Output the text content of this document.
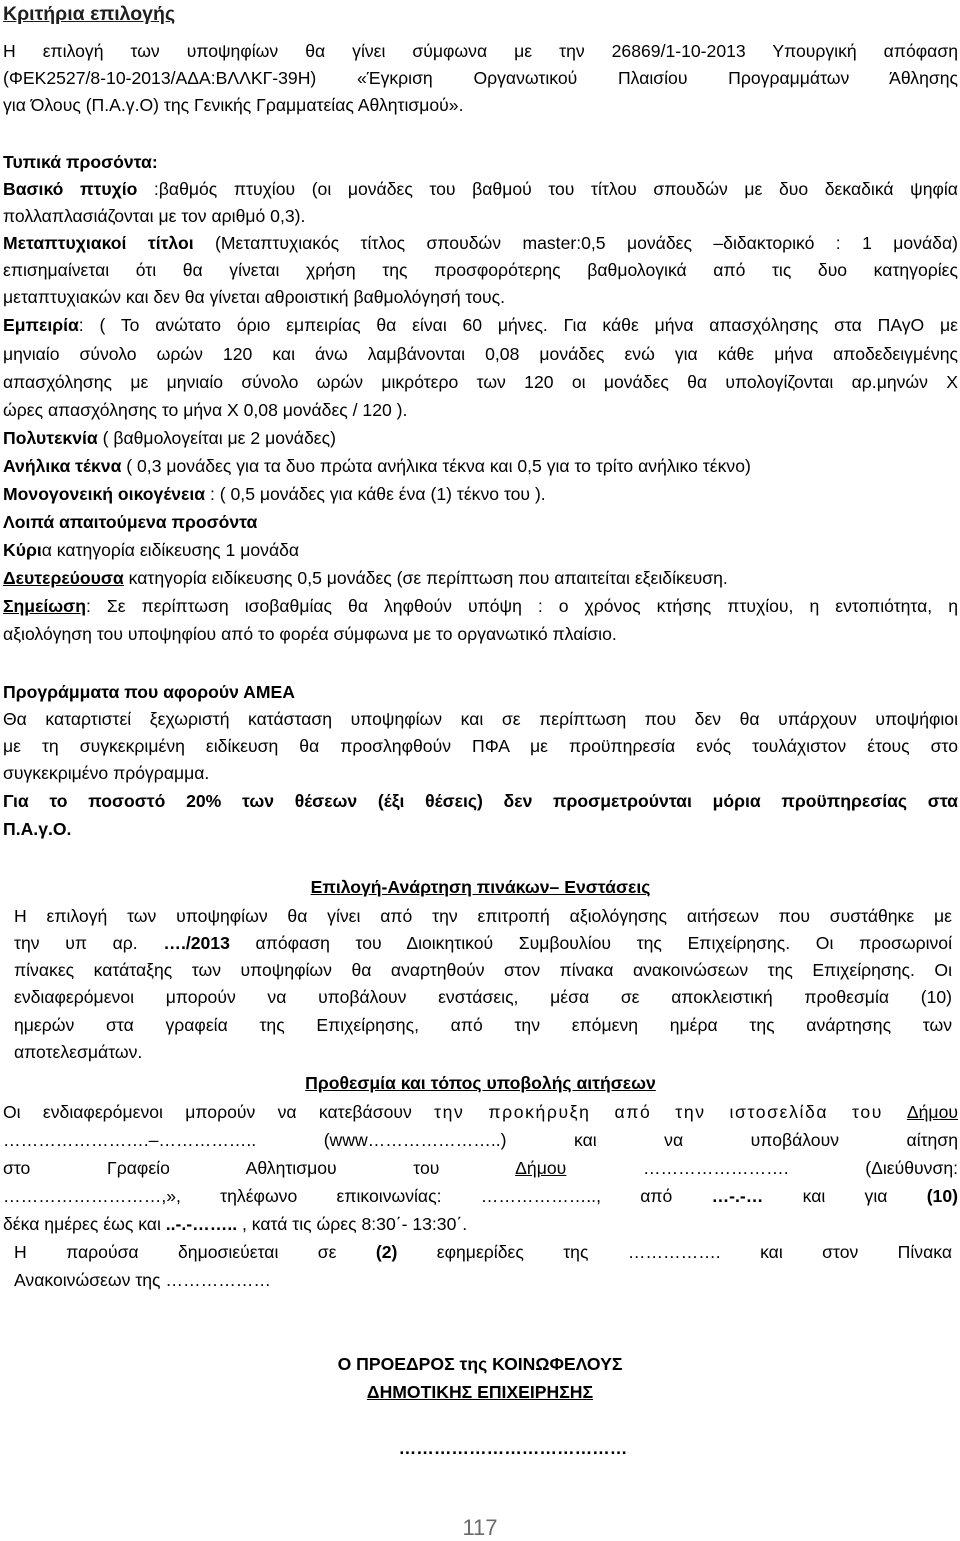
Κριτήρια επιλογής
Η επιλογή των υποψηφίων θα γίνει σύμφωνα με την 26869/1-10-2013 Υπουργική απόφαση
(ΦΕΚ2527/8-10-2013/ΑΔΑ:ΒΛΛΚΓ-39Η) «Έγκριση Οργανωτικού Πλαισίου Προγραμμάτων Άθλησης
για Όλους (Π.Α.γ.Ο) της Γενικής Γραμματείας Αθλητισμού».
Τυπικά προσόντα:
Βασικό πτυχίο :βαθμός πτυχίου (οι μονάδες του βαθμού του τίτλου σπουδών με δυο δεκαδικά ψηφία
πολλαπλασιάζονται με τον αριθμό 0,3).
Μεταπτυχιακοί τίτλοι (Μεταπτυχιακός τίτλος σπουδών master:0,5 μονάδες –διδακτορικό : 1 μονάδα)
επισημαίνεται ότι θα γίνεται χρήση της προσφορότερης βαθμολογικά από τις δυο κατηγορίες
μεταπτυχιακών και δεν θα γίνεται αθροιστική βαθμολόγησή τους.
Εμπειρία: ( Το ανώτατο όριο εμπειρίας θα είναι 60 μήνες. Για κάθε μήνα απασχόλησης στα ΠΑγΟ με
μηνιαίο σύνολο ωρών 120 και άνω λαμβάνονται 0,08 μονάδες ενώ για κάθε μήνα αποδεδειγμένης
απασχόλησης με μηνιαίο σύνολο ωρών μικρότερο των 120 οι μονάδες θα υπολογίζονται αρ.μηνών Χ
ώρες απασχόλησης το μήνα Χ 0,08 μονάδες / 120 ).
Πολυτεκνία ( βαθμολογείται με 2 μονάδες)
Ανήλικα τέκνα ( 0,3 μονάδες για τα δυο πρώτα ανήλικα τέκνα και 0,5 για το τρίτο ανήλικο τέκνο)
Μονογονεική οικογένεια : ( 0,5 μονάδες για κάθε ένα (1) τέκνο του ).
Λοιπά απαιτούμενα προσόντα
Κύρια κατηγορία ειδίκευσης 1 μονάδα
Δευτερεύουσα κατηγορία ειδίκευσης 0,5 μονάδες (σε περίπτωση που απαιτείται εξειδίκευση.
Σημείωση: Σε περίπτωση ισοβαθμίας θα ληφθούν υπόψη : ο χρόνος κτήσης πτυχίου, η εντοπιότητα, η
αξιολόγηση του υποψηφίου από το φορέα σύμφωνα με το οργανωτικό πλαίσιο.
Προγράμματα που αφορούν ΑΜΕΑ
Θα καταρτιστεί ξεχωριστή κατάσταση υποψηφίων και σε περίπτωση που δεν θα υπάρχουν υποψήφιοι
με τη συγκεκριμένη ειδίκευση θα προσληφθούν ΠΦΑ με προϋπηρεσία ενός τουλάχιστον έτους στο
συγκεκριμένο πρόγραμμα.
Για το ποσοστό 20% των θέσεων (έξι θέσεις) δεν προσμετρούνται μόρια προϋπηρεσίας στα
Π.Α.γ.Ο.
Επιλογή-Ανάρτηση πινάκων– Ενστάσεις
Η επιλογή των υποψηφίων θα γίνει από την επιτροπή αξιολόγησης αιτήσεων που συστάθηκε με
την υπ αρ. …./2013 απόφαση του Διοικητικού Συμβουλίου της Επιχείρησης. Οι προσωρινοί
πίνακες κατάταξης των υποψηφίων θα αναρτηθούν στον πίνακα ανακοινώσεων της Επιχείρησης. Οι
ενδιαφερόμενοι μπορούν να υποβάλουν ενστάσεις, μέσα σε αποκλειστική προθεσμία (10)
ημερών στα γραφεία της Επιχείρησης, από την επόμενη ημέρα της ανάρτησης των
αποτελεσμάτων.
Προθεσμία και τόπος υποβολής αιτήσεων
Οι ενδιαφερόμενοι μπορούν να κατεβάσουν την προκήρυξη από την ιστοσελίδα του Δήμου
…………………….–…………….. (www…………………..) και να υποβάλουν αίτηση
στο Γραφείο Αθλητισμου του Δήμου ……………………. (Διεύθυνση:
………………………,», τηλέφωνο επικοινωνίας: ……………….., από …-.-… και για (10)
δέκα ημέρες έως και ..-.-…….. , κατά τις ώρες 8:30΄- 13:30΄.
Η παρούσα δημοσιεύεται σε (2) εφημερίδες της ……………. και στον Πίνακα
Ανακοινώσεων της ………………
Ο ΠΡΟΕΔΡΟΣ της ΚΟΙΝΩΦΕΛΟΥΣ
ΔΗΜΟΤΙΚΗΣ ΕΠΙΧΕΙΡΗΣΗΣ
…………………………………
117
